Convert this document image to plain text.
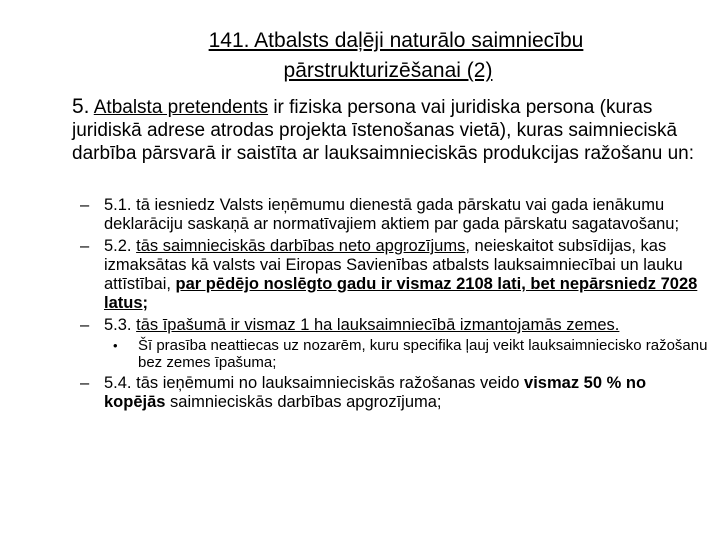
141. Atbalsts daļēji naturālo saimniecību
pārstrukturizēšanai (2)
5. Atbalsta pretendents ir fiziska persona vai juridiska persona (kuras juridiskā adrese atrodas projekta īstenošanas vietā), kuras saimnieciskā darbība pārsvarā ir saistīta ar lauksaimnieciskās produkcijas ražošanu un:
– 5.1. tā iesniedz Valsts ieņēmumu dienestā gada pārskatu vai gada ienākumu deklarāciju saskaņā ar normatīvajiem aktiem par gada pārskatu sagatavošanu;
– 5.2. tās saimnieciskās darbības neto apgrozījums, neieskaitot subsīdijas, kas izmaksātas kā valsts vai Eiropas Savienības atbalsts lauksaimniecībai un lauku attīstībai, par pēdējo noslēgto gadu ir vismaz 2108 lati, bet nepārsniedz 7028 latus;
– 5.3. tās īpašumā ir vismaz 1 ha lauksaimniecībā izmantojamās zemes.
• Šī prasība neattiecas uz nozarēm, kuru specifika ļauj veikt lauksaimniecisko ražošanu bez zemes īpašuma;
– 5.4. tās ieņēmumi no lauksaimnieciskās ražošanas veido vismaz 50 % no kopējās saimnieciskās darbības apgrozījuma;
